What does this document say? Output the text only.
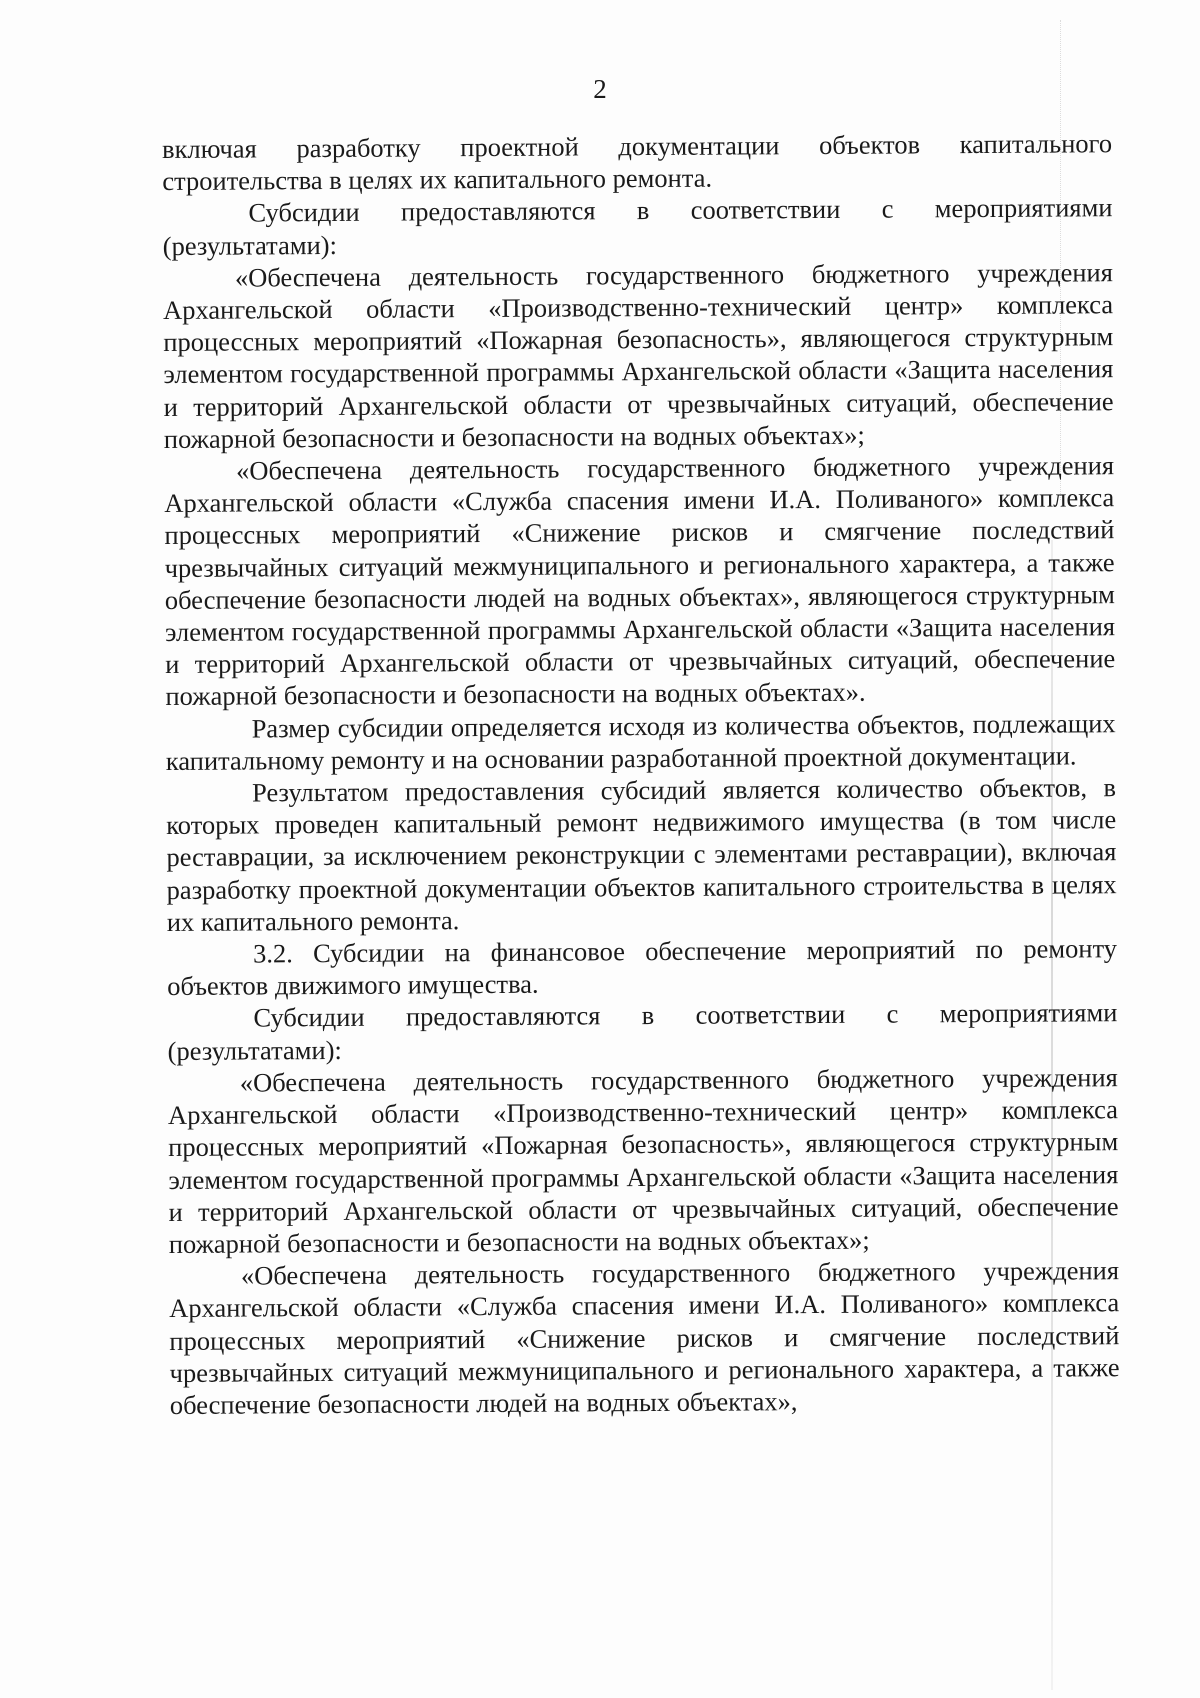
2

включая разработку проектной документации объектов капитального строительства в целях их капитального ремонта.

Субсидии предоставляются в соответствии с мероприятиями (результатами):

«Обеспечена деятельность государственного бюджетного учреждения Архангельской области «Производственно-технический центр» комплекса процессных мероприятий «Пожарная безопасность», являющегося структурным элементом государственной программы Архангельской области «Защита населения и территорий Архангельской области от чрезвычайных ситуаций, обеспечение пожарной безопасности и безопасности на водных объектах»;

«Обеспечена деятельность государственного бюджетного учреждения Архангельской области «Служба спасения имени И.А. Поливаного» комплекса процессных мероприятий «Снижение рисков и смягчение последствий чрезвычайных ситуаций межмуниципального и регионального характера, а также обеспечение безопасности людей на водных объектах», являющегося структурным элементом государственной программы Архангельской области «Защита населения и территорий Архангельской области от чрезвычайных ситуаций, обеспечение пожарной безопасности и безопасности на водных объектах».

Размер субсидии определяется исходя из количества объектов, подлежащих капитальному ремонту и на основании разработанной проектной документации.

Результатом предоставления субсидий является количество объектов, в которых проведен капитальный ремонт недвижимого имущества (в том числе реставрации, за исключением реконструкции с элементами реставрации), включая разработку проектной документации объектов капитального строительства в целях их капитального ремонта.

3.2. Субсидии на финансовое обеспечение мероприятий по ремонту объектов движимого имущества.

Субсидии предоставляются в соответствии с мероприятиями (результатами):

«Обеспечена деятельность государственного бюджетного учреждения Архангельской области «Производственно-технический центр» комплекса процессных мероприятий «Пожарная безопасность», являющегося структурным элементом государственной программы Архангельской области «Защита населения и территорий Архангельской области от чрезвычайных ситуаций, обеспечение пожарной безопасности и безопасности на водных объектах»;

«Обеспечена деятельность государственного бюджетного учреждения Архангельской области «Служба спасения имени И.А. Поливаного» комплекса процессных мероприятий «Снижение рисков и смягчение последствий чрезвычайных ситуаций межмуниципального и регионального характера, а также обеспечение безопасности людей на водных объектах»,
